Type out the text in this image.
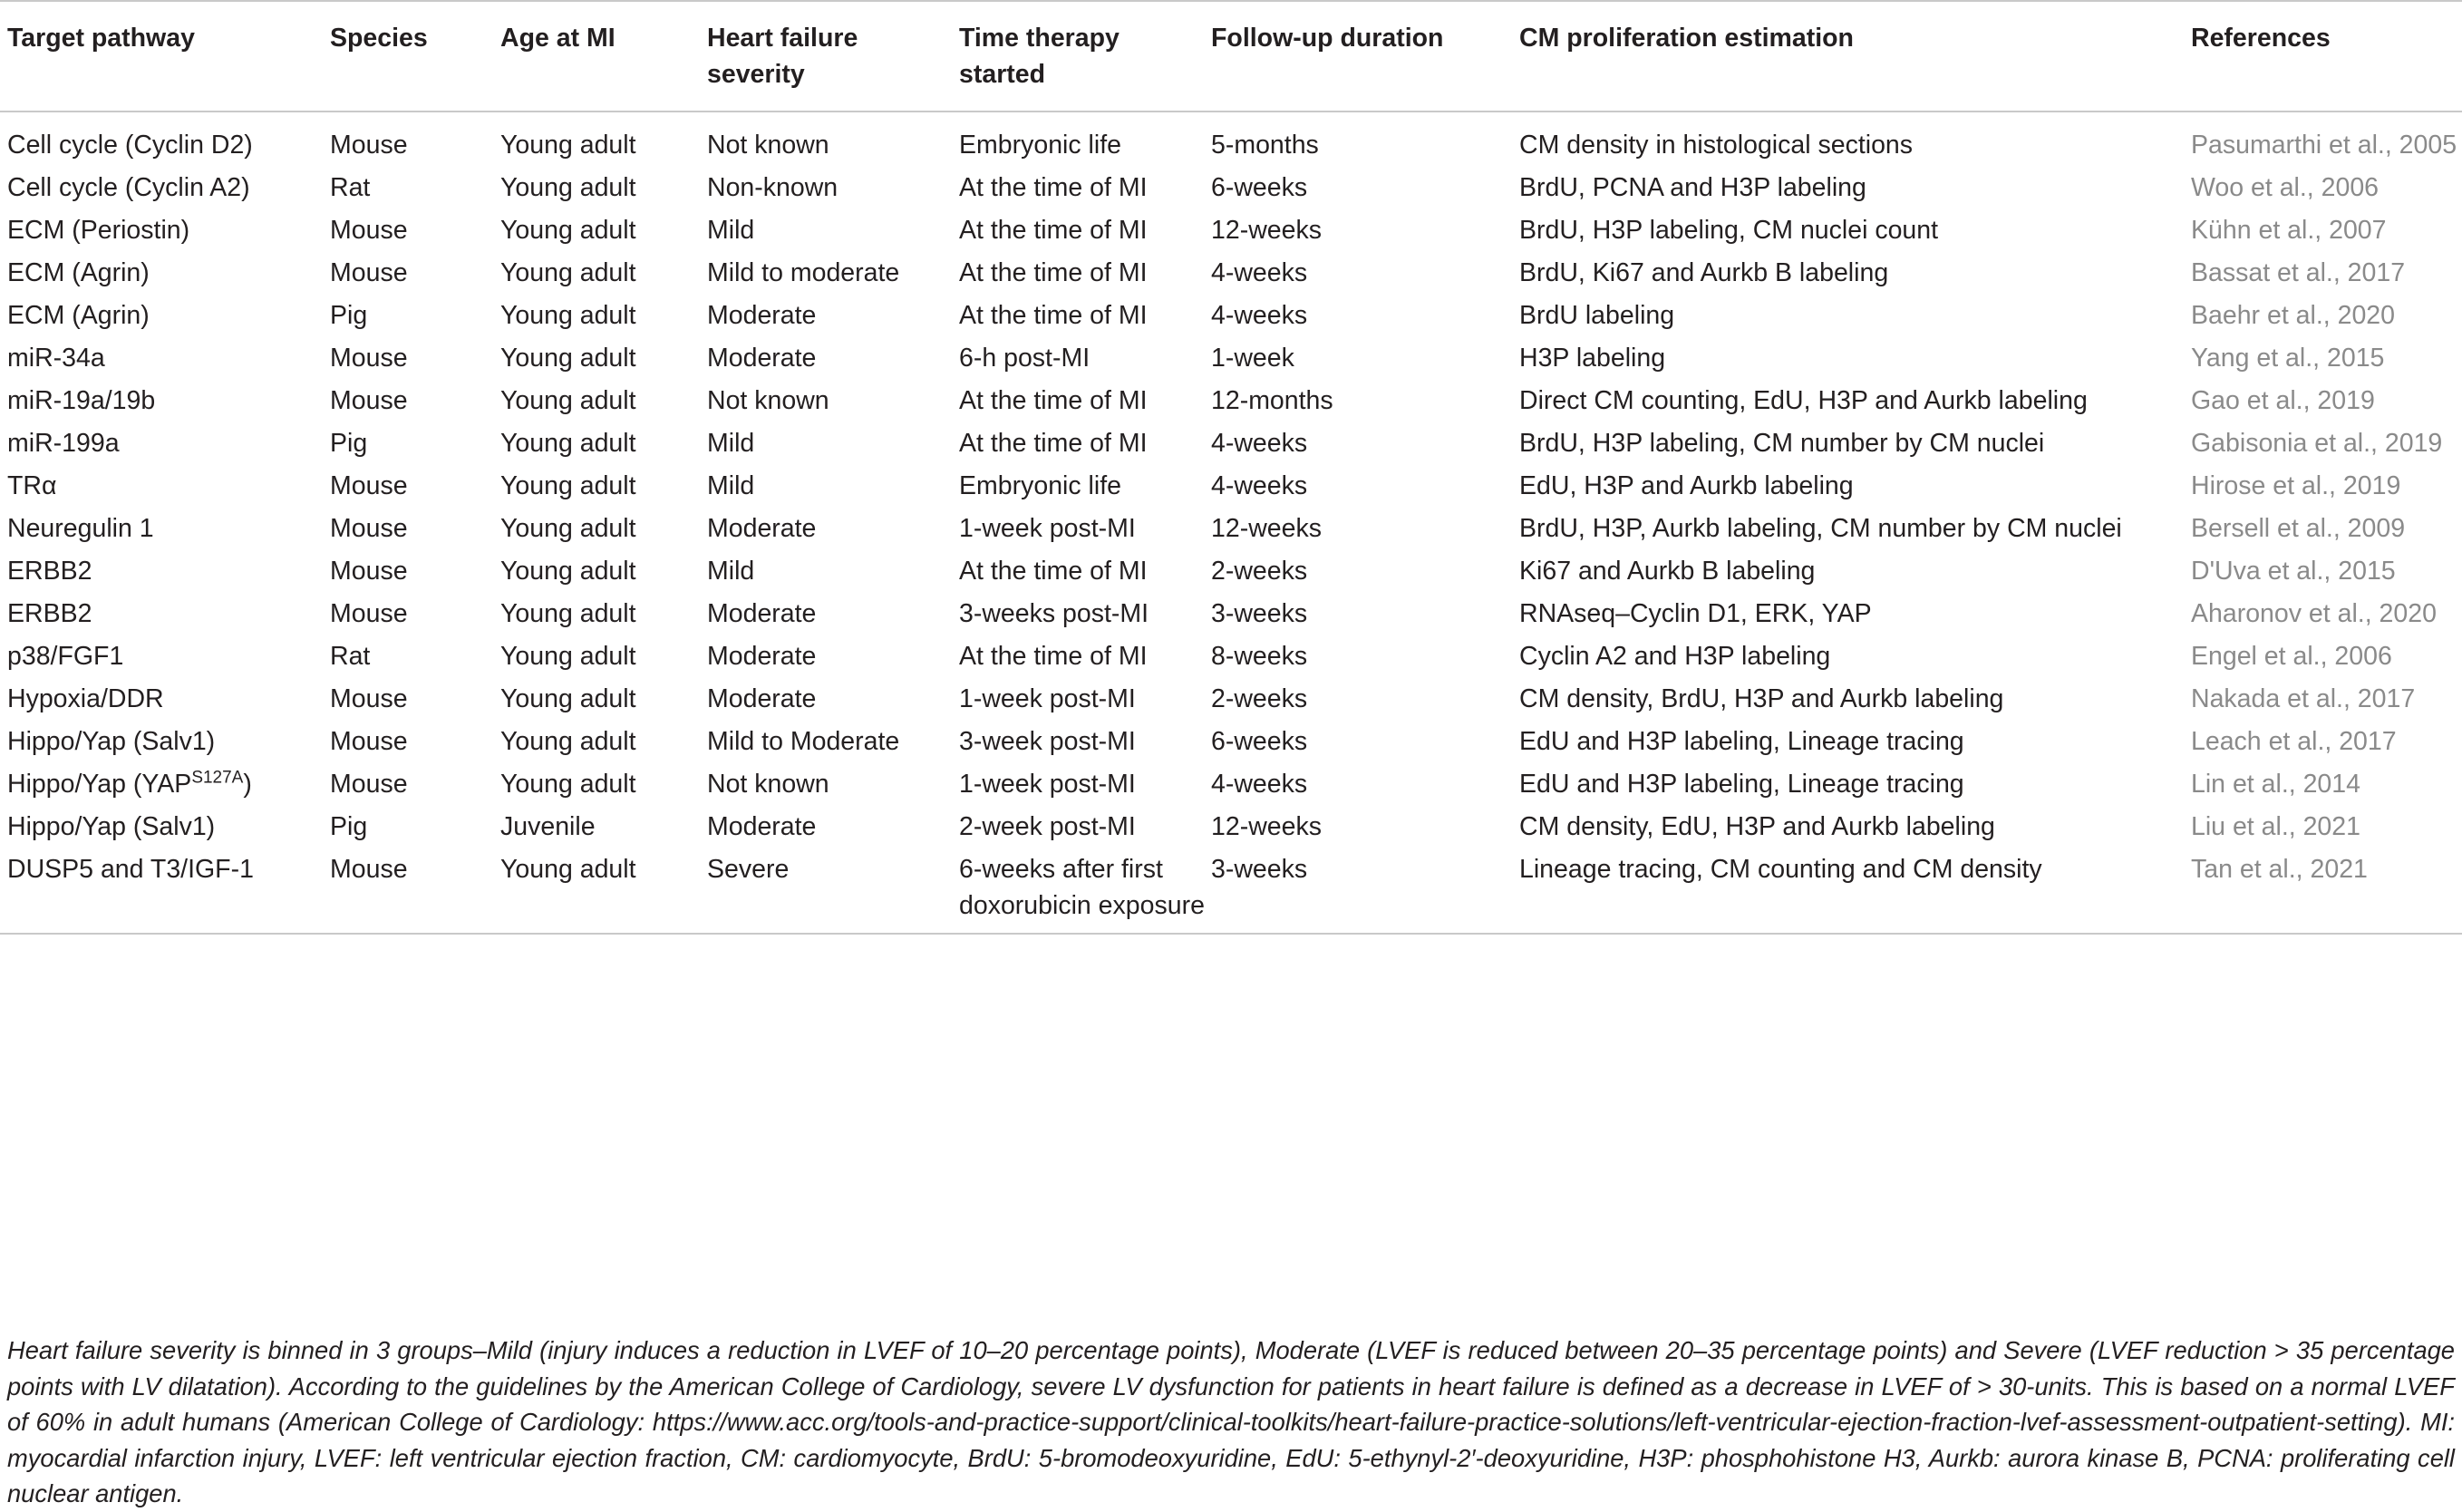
Target pathway	Species	Age at MI	Heart failure severity	Time therapy started	Follow-up duration	CM proliferation estimation	References
Cell cycle (Cyclin D2)	Mouse	Young adult	Not known	Embryonic life	5-months	CM density in histological sections	Pasumarthi et al., 2005
Cell cycle (Cyclin A2)	Rat	Young adult	Non-known	At the time of MI	6-weeks	BrdU, PCNA and H3P labeling	Woo et al., 2006
ECM (Periostin)	Mouse	Young adult	Mild	At the time of MI	12-weeks	BrdU, H3P labeling, CM nuclei count	Kühn et al., 2007
ECM (Agrin)	Mouse	Young adult	Mild to moderate	At the time of MI	4-weeks	BrdU, Ki67 and Aurkb B labeling	Bassat et al., 2017
ECM (Agrin)	Pig	Young adult	Moderate	At the time of MI	4-weeks	BrdU labeling	Baehr et al., 2020
miR-34a	Mouse	Young adult	Moderate	6-h post-MI	1-week	H3P labeling	Yang et al., 2015
miR-19a/19b	Mouse	Young adult	Not known	At the time of MI	12-months	Direct CM counting, EdU, H3P and Aurkb labeling	Gao et al., 2019
miR-199a	Pig	Young adult	Mild	At the time of MI	4-weeks	BrdU, H3P labeling, CM number by CM nuclei	Gabisonia et al., 2019
TRα	Mouse	Young adult	Mild	Embryonic life	4-weeks	EdU, H3P and Aurkb labeling	Hirose et al., 2019
Neuregulin 1	Mouse	Young adult	Moderate	1-week post-MI	12-weeks	BrdU, H3P, Aurkb labeling, CM number by CM nuclei	Bersell et al., 2009
ERBB2	Mouse	Young adult	Mild	At the time of MI	2-weeks	Ki67 and Aurkb B labeling	D'Uva et al., 2015
ERBB2	Mouse	Young adult	Moderate	3-weeks post-MI	3-weeks	RNAseq–Cyclin D1, ERK, YAP	Aharonov et al., 2020
p38/FGF1	Rat	Young adult	Moderate	At the time of MI	8-weeks	Cyclin A2 and H3P labeling	Engel et al., 2006
Hypoxia/DDR	Mouse	Young adult	Moderate	1-week post-MI	2-weeks	CM density, BrdU, H3P and Aurkb labeling	Nakada et al., 2017
Hippo/Yap (Salv1)	Mouse	Young adult	Mild to Moderate	3-week post-MI	6-weeks	EdU and H3P labeling, Lineage tracing	Leach et al., 2017
Hippo/Yap $(YAP^{S127A})$	Mouse	Young adult	Not known	1-week post-MI	4-weeks	EdU and H3P labeling, Lineage tracing	Lin et al., 2014
Hippo/Yap (Salv1)	Pig	Juvenile	Moderate	2-week post-MI	12-weeks	CM density, EdU, H3P and Aurkb labeling	Liu et al., 2021
DUSP5 and T3/IGF-1	Mouse	Young adult	Severe	6-weeks after first doxorubicin exposure	3-weeks	Lineage tracing, CM counting and CM density	Tan et al., 2021
Heart failure severity is binned in 3 groups–Mild (injury induces a reduction in LVEF of 10–20 percentage points), Moderate (LVEF is reduced between 20–35 percentage points) and Severe (LVEF reduction > 35 percentage points with LV dilatation). According to the guidelines by the American College of Cardiology, severe LV dysfunction for patients in heart failure is defined as a decrease in LVEF of > 30-units. This is based on a normal LVEF of 60% in adult humans (American College of Cardiology: https://www.acc.org/tools-and-practice-support/clinical-toolkits/heart-failure-practice-solutions/left-ventricular-ejection-fraction-lvef-assessment-outpatient-setting). MI: myocardial infarction injury, LVEF: left ventricular ejection fraction, CM: cardiomyocyte, BrdU: 5-bromodeoxyuridine, EdU: 5-ethynyl-2′-deoxyuridine, H3P: phosphohistone H3, Aurkb: aurora kinase B, PCNA: proliferating cell nuclear antigen.
